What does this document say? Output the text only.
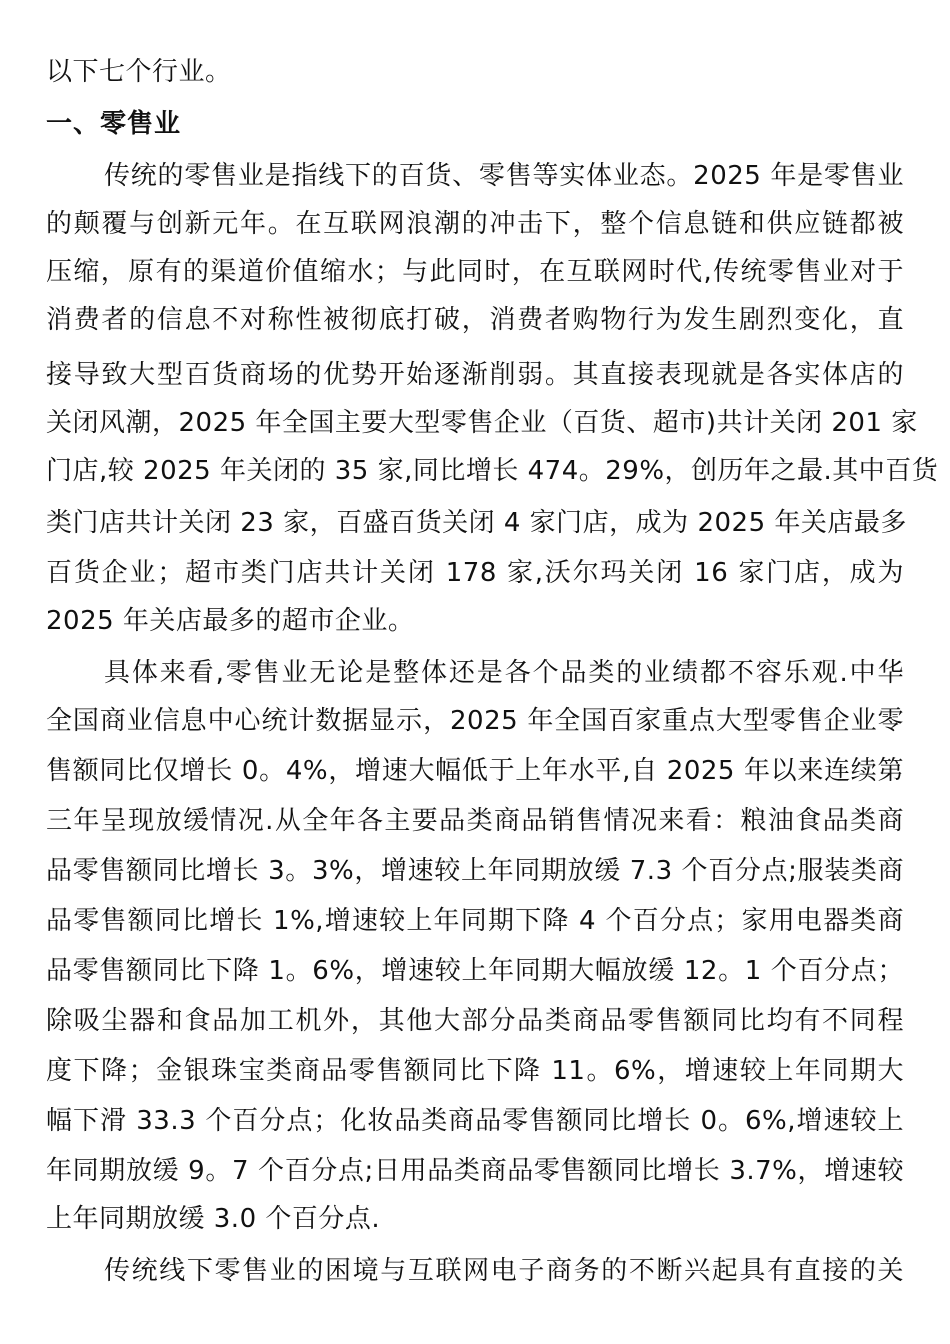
以下七个行业。
一、零售业
传统的零售业是指线下的百货、零售等实体业态。2025 年是零售业
的颠覆与创新元年。在互联网浪潮的冲击下，整个信息链和供应链都被
压缩，原有的渠道价值缩水；与此同时，在互联网时代,传统零售业对于
消费者的信息不对称性被彻底打破，消费者购物行为发生剧烈变化，直
接导致大型百货商场的优势开始逐渐削弱。其直接表现就是各实体店的
关闭风潮，2025 年全国主要大型零售企业（百货、超市)共计关闭 201 家
门店,较 2025 年关闭的 35 家,同比增长 474。29%，创历年之最.其中百货
类门店共计关闭 23 家，百盛百货关闭 4 家门店，成为 2025 年关店最多
百货企业；超市类门店共计关闭 178 家,沃尔玛关闭 16 家门店，成为
2025 年关店最多的超市企业。
具体来看,零售业无论是整体还是各个品类的业绩都不容乐观.中华
全国商业信息中心统计数据显示，2025 年全国百家重点大型零售企业零
售额同比仅增长 0。4%，增速大幅低于上年水平,自 2025 年以来连续第
三年呈现放缓情况.从全年各主要品类商品销售情况来看：粮油食品类商
品零售额同比增长 3。3%，增速较上年同期放缓 7.3 个百分点;服装类商
品零售额同比增长 1%,增速较上年同期下降 4 个百分点；家用电器类商
品零售额同比下降 1。6%，增速较上年同期大幅放缓 12。1 个百分点；
除吸尘器和食品加工机外，其他大部分品类商品零售额同比均有不同程
度下降；金银珠宝类商品零售额同比下降 11。6%，增速较上年同期大
幅下滑 33.3 个百分点；化妆品类商品零售额同比增长 0。6%,增速较上
年同期放缓 9。7 个百分点;日用品类商品零售额同比增长 3.7%，增速较
上年同期放缓 3.0 个百分点.
传统线下零售业的困境与互联网电子商务的不断兴起具有直接的关
